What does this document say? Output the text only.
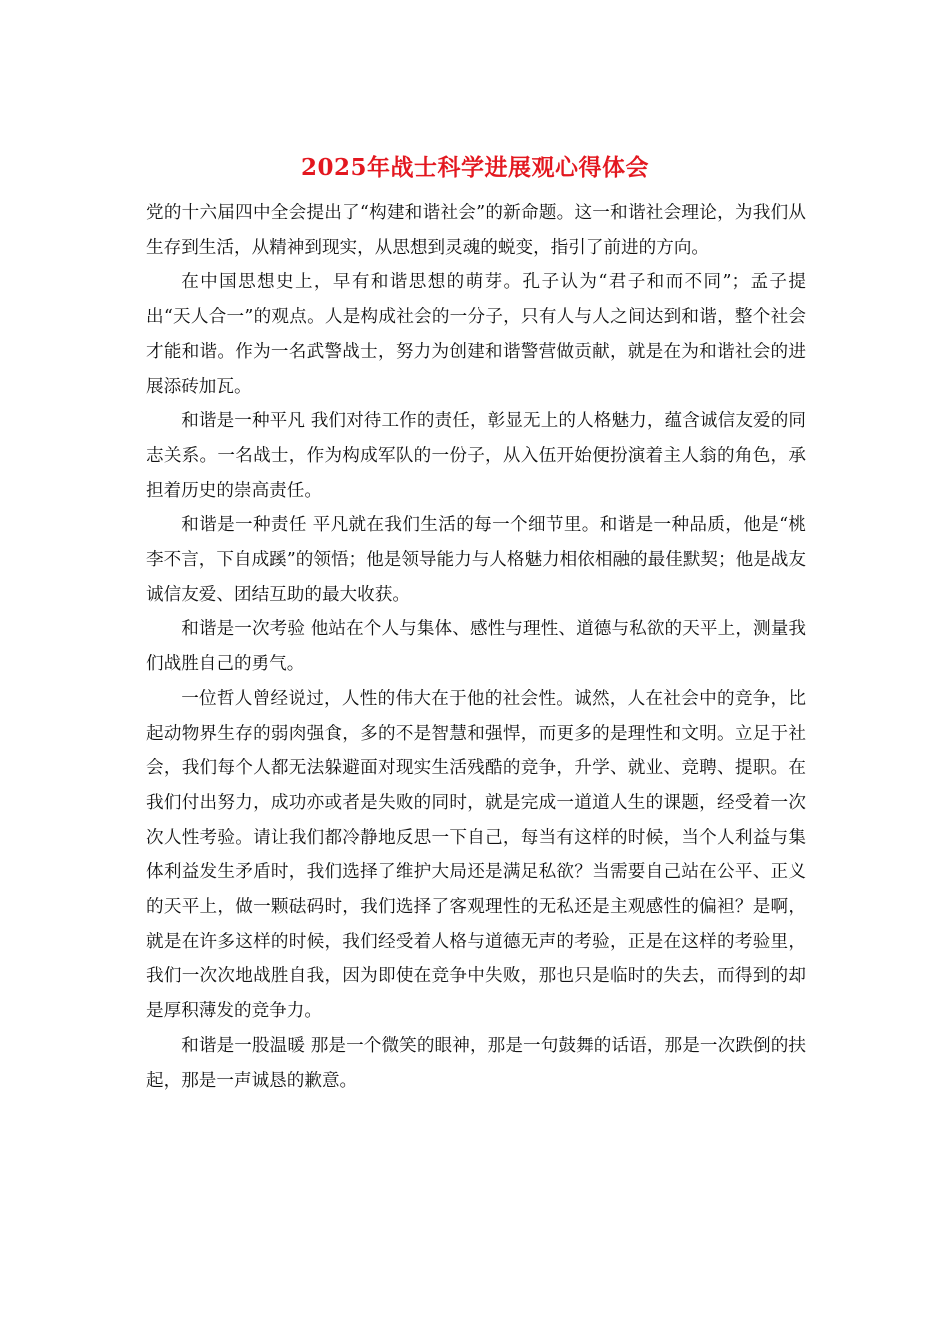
2025年战士科学进展观心得体会

党的十六届四中全会提出了“构建和谐社会”的新命题。这一和谐社会理论，为我们从生存到生活，从精神到现实，从思想到灵魂的蜕变，指引了前进的方向。

在中国思想史上，早有和谐思想的萌芽。孔子认为“君子和而不同”；孟子提出“天人合一”的观点。人是构成社会的一分子，只有人与人之间达到和谐，整个社会才能和谐。作为一名武警战士，努力为创建和谐警营做贡献，就是在为和谐社会的进展添砖加瓦。

和谐是一种平凡 我们对待工作的责任，彰显无上的人格魅力，蕴含诚信友爱的同志关系。一名战士，作为构成军队的一份子，从入伍开始便扮演着主人翁的角色，承担着历史的崇高责任。

和谐是一种责任 平凡就在我们生活的每一个细节里。和谐是一种品质，他是“桃李不言，下自成蹊”的领悟；他是领导能力与人格魅力相依相融的最佳默契；他是战友诚信友爱、团结互助的最大收获。

和谐是一次考验 他站在个人与集体、感性与理性、道德与私欲的天平上，测量我们战胜自己的勇气。

一位哲人曾经说过，人性的伟大在于他的社会性。诚然，人在社会中的竞争，比起动物界生存的弱肉强食，多的不是智慧和强悍，而更多的是理性和文明。立足于社会，我们每个人都无法躲避面对现实生活残酷的竞争，升学、就业、竞聘、提职。在我们付出努力，成功亦或者是失败的同时，就是完成一道道人生的课题，经受着一次次人性考验。请让我们都冷静地反思一下自己，每当有这样的时候，当个人利益与集体利益发生矛盾时，我们选择了维护大局还是满足私欲？当需要自己站在公平、正义的天平上，做一颗砝码时，我们选择了客观理性的无私还是主观感性的偏袒？是啊，就是在许多这样的时候，我们经受着人格与道德无声的考验，正是在这样的考验里，我们一次次地战胜自我，因为即使在竞争中失败，那也只是临时的失去，而得到的却是厚积薄发的竞争力。

和谐是一股温暖 那是一个微笑的眼神，那是一句鼓舞的话语，那是一次跌倒的扶起，那是一声诚恳的歉意。
